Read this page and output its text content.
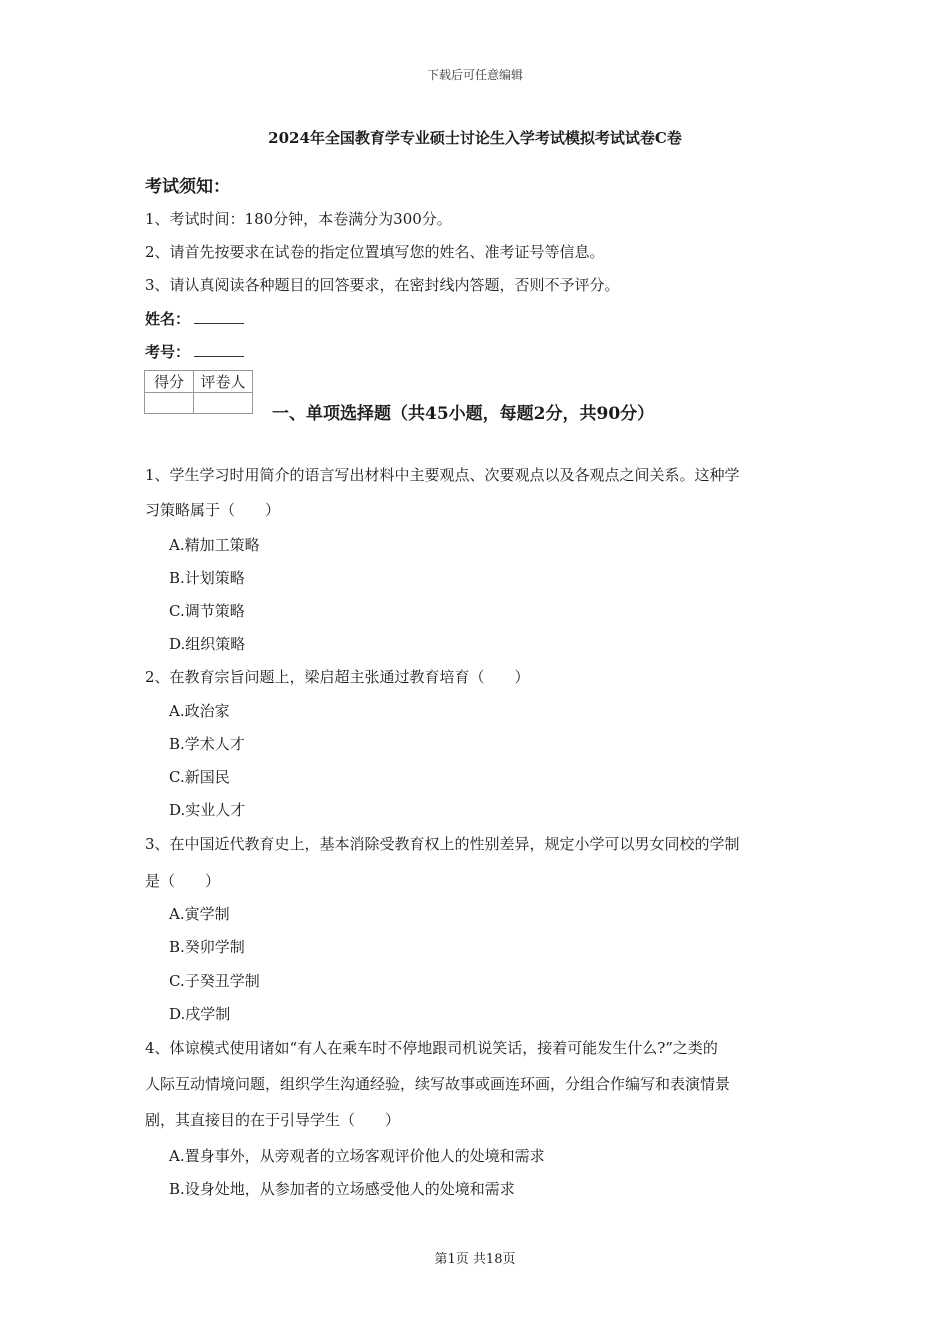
下载后可任意编辑
2024年全国教育学专业硕士讨论生入学考试模拟考试试卷C卷
考试须知：
1、考试时间：180分钟，本卷满分为300分。
2、请首先按要求在试卷的指定位置填写您的姓名、准考证号等信息。
3、请认真阅读各种题目的回答要求，在密封线内答题，否则不予评分。
姓名：
考号：
得分	评卷人

一、单项选择题（共45小题，每题2分，共90分）
1、学生学习时用简介的语言写出材料中主要观点、次要观点以及各观点之间关系。这种学
习策略属于（　　）
A.精加工策略
B.计划策略
C.调节策略
D.组织策略
2、在教育宗旨问题上，梁启超主张通过教育培育（　　）
A.政治家
B.学术人才
C.新国民
D.实业人才
3、在中国近代教育史上，基本消除受教育权上的性别差异，规定小学可以男女同校的学制
是（　　）
A.寅学制
B.癸卯学制
C.子癸丑学制
D.戌学制
4、体谅模式使用诸如“有人在乘车时不停地跟司机说笑话，接着可能发生什么?”之类的
人际互动情境问题，组织学生沟通经验，续写故事或画连环画，分组合作编写和表演情景
剧，其直接目的在于引导学生（　　）
A.置身事外，从旁观者的立场客观评价他人的处境和需求
B.设身处地，从参加者的立场感受他人的处境和需求
第1页 共18页
